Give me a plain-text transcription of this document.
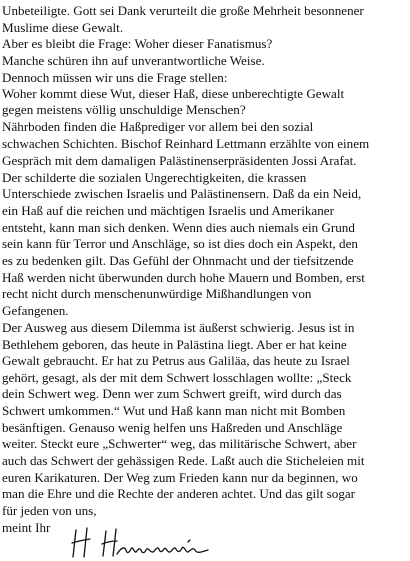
Unbeteiligte. Gott sei Dank verurteilt die große Mehrheit besonnener
Muslime diese Gewalt.
Aber es bleibt die Frage: Woher dieser Fanatismus?
Manche schüren ihn auf unverantwortliche Weise.
Dennoch müssen wir uns die Frage stellen:
Woher kommt diese Wut, dieser Haß, diese unberechtigte Gewalt
gegen meistens völlig unschuldige Menschen?
Nährboden finden die Haßprediger vor allem bei den sozial
schwachen Schichten. Bischof Reinhard Lettmann erzählte von einem
Gespräch mit dem damaligen Palästinenserpräsidenten Jossi Arafat.
Der schilderte die sozialen Ungerechtigkeiten, die krassen
Unterschiede zwischen Israelis und Palästinensern. Daß da ein Neid,
ein Haß auf die reichen und mächtigen Israelis und Amerikaner
entsteht, kann man sich denken. Wenn dies auch niemals ein Grund
sein kann für Terror und Anschläge, so ist dies doch ein Aspekt, den
es zu bedenken gilt. Das Gefühl der Ohnmacht und der tiefsitzende
Haß werden nicht überwunden durch hohe Mauern und Bomben, erst
recht nicht durch menschenunwürdige Mißhandlungen von
Gefangenen.
Der Ausweg aus diesem Dilemma ist äußerst schwierig. Jesus ist in
Bethlehem geboren, das heute in Palästina liegt. Aber er hat keine
Gewalt gebraucht. Er hat zu Petrus aus Galiläa, das heute zu Israel
gehört, gesagt, als der mit dem Schwert losschlagen wollte: „Steck
dein Schwert weg. Denn wer zum Schwert greift, wird durch das
Schwert umkommen.“ Wut und Haß kann man nicht mit Bomben
besänftigen. Genauso wenig helfen uns Haßreden und Anschläge
weiter. Steckt eure „Schwerter“ weg, das militärische Schwert, aber
auch das Schwert der gehässigen Rede. Laßt auch die Sticheleien mit
euren Karikaturen. Der Weg zum Frieden kann nur da beginnen, wo
man die Ehre und die Rechte der anderen achtet. Und das gilt sogar
für jeden von uns,
meint Ihr
